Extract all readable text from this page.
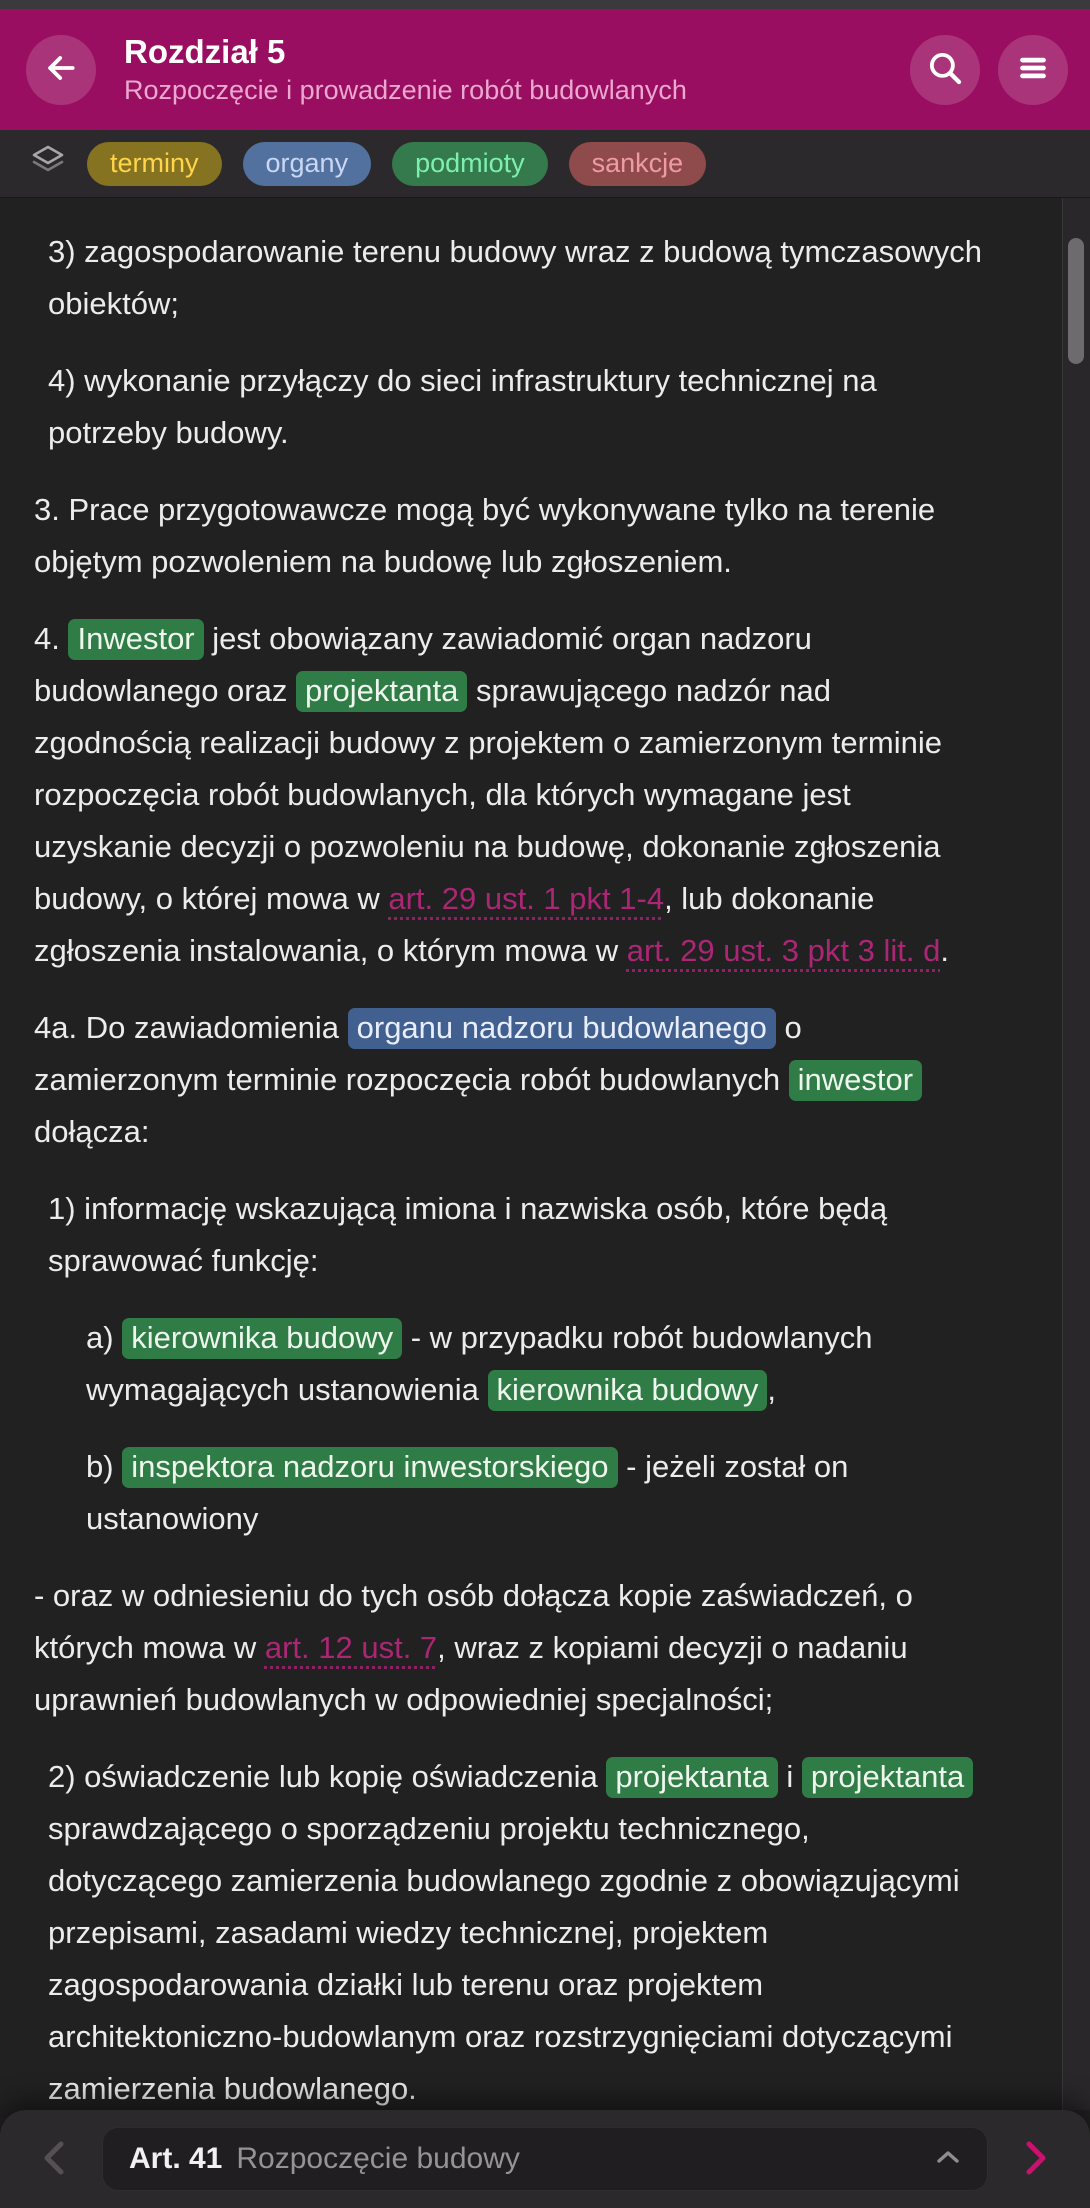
Rozdział 5
Rozpoczęcie i prowadzenie robót budowlanych
terminy	organy	podmioty	sankcje

3) zagospodarowanie terenu budowy wraz z budową tymczasowych obiektów;

4) wykonanie przyłączy do sieci infrastruktury technicznej na potrzeby budowy.

3. Prace przygotowawcze mogą być wykonywane tylko na terenie objętym pozwoleniem na budowę lub zgłoszeniem.

4. Inwestor jest obowiązany zawiadomić organ nadzoru budowlanego oraz projektanta sprawującego nadzór nad zgodnością realizacji budowy z projektem o zamierzonym terminie rozpoczęcia robót budowlanych, dla których wymagane jest uzyskanie decyzji o pozwoleniu na budowę, dokonanie zgłoszenia budowy, o której mowa w art. 29 ust. 1 pkt 1-4, lub dokonanie zgłoszenia instalowania, o którym mowa w art. 29 ust. 3 pkt 3 lit. d.

4a. Do zawiadomienia organu nadzoru budowlanego o zamierzonym terminie rozpoczęcia robót budowlanych inwestor dołącza:

1) informację wskazującą imiona i nazwiska osób, które będą sprawować funkcję:

a) kierownika budowy - w przypadku robót budowlanych wymagających ustanowienia kierownika budowy ,

b) inspektora nadzoru inwestorskiego - jeżeli został on ustanowiony

- oraz w odniesieniu do tych osób dołącza kopie zaświadczeń, o których mowa w art. 12 ust. 7, wraz z kopiami decyzji o nadaniu uprawnień budowlanych w odpowiedniej specjalności;

2) oświadczenie lub kopię oświadczenia projektanta i projektanta sprawdzającego o sporządzeniu projektu technicznego, dotyczącego zamierzenia budowlanego zgodnie z obowiązującymi przepisami, zasadami wiedzy technicznej, projektem zagospodarowania działki lub terenu oraz projektem architektoniczno-budowlanym oraz rozstrzygnięciami dotyczącymi zamierzenia budowlanego.

Art. 41 Rozpoczęcie budowy
